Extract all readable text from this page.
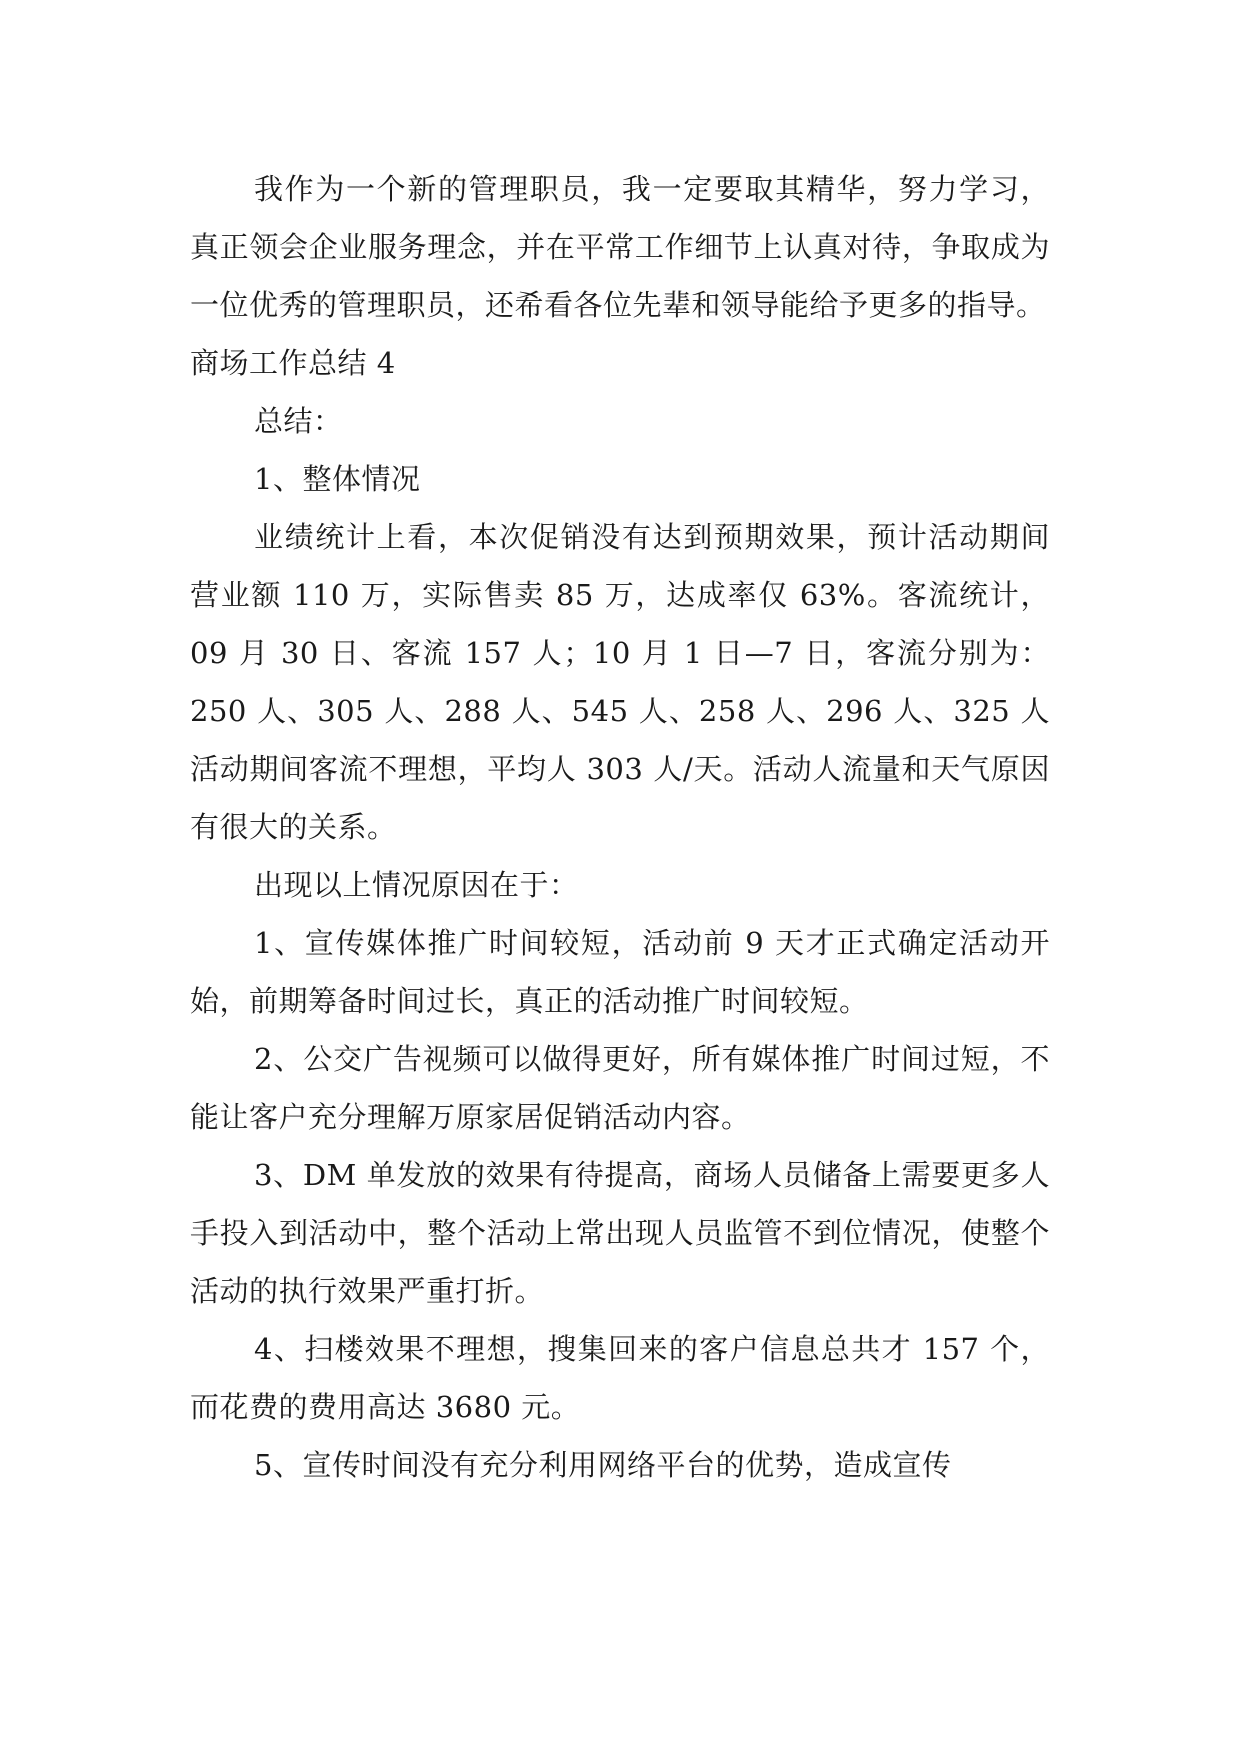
我作为一个新的管理职员，我一定要取其精华，努力学习，真正领会企业服务理念，并在平常工作细节上认真对待，争取成为一位优秀的管理职员，还希看各位先辈和领导能给予更多的指导。

商场工作总结 4

总结：

1、整体情况

业绩统计上看，本次促销没有达到预期效果，预计活动期间营业额 110 万，实际售卖 85 万，达成率仅 63%。客流统计，09 月 30 日、客流 157 人；10 月 1 日—7 日，客流分别为：250 人、305 人、288 人、545 人、258 人、296 人、325 人活动期间客流不理想，平均人 303 人/天。活动人流量和天气原因有很大的关系。

出现以上情况原因在于：

1、宣传媒体推广时间较短，活动前 9 天才正式确定活动开始，前期筹备时间过长，真正的活动推广时间较短。

2、公交广告视频可以做得更好，所有媒体推广时间过短，不能让客户充分理解万原家居促销活动内容。

3、DM 单发放的效果有待提高，商场人员储备上需要更多人手投入到活动中，整个活动上常出现人员监管不到位情况，使整个活动的执行效果严重打折。

4、扫楼效果不理想，搜集回来的客户信息总共才 157 个，而花费的费用高达 3680 元。

5、宣传时间没有充分利用网络平台的优势，造成宣传
